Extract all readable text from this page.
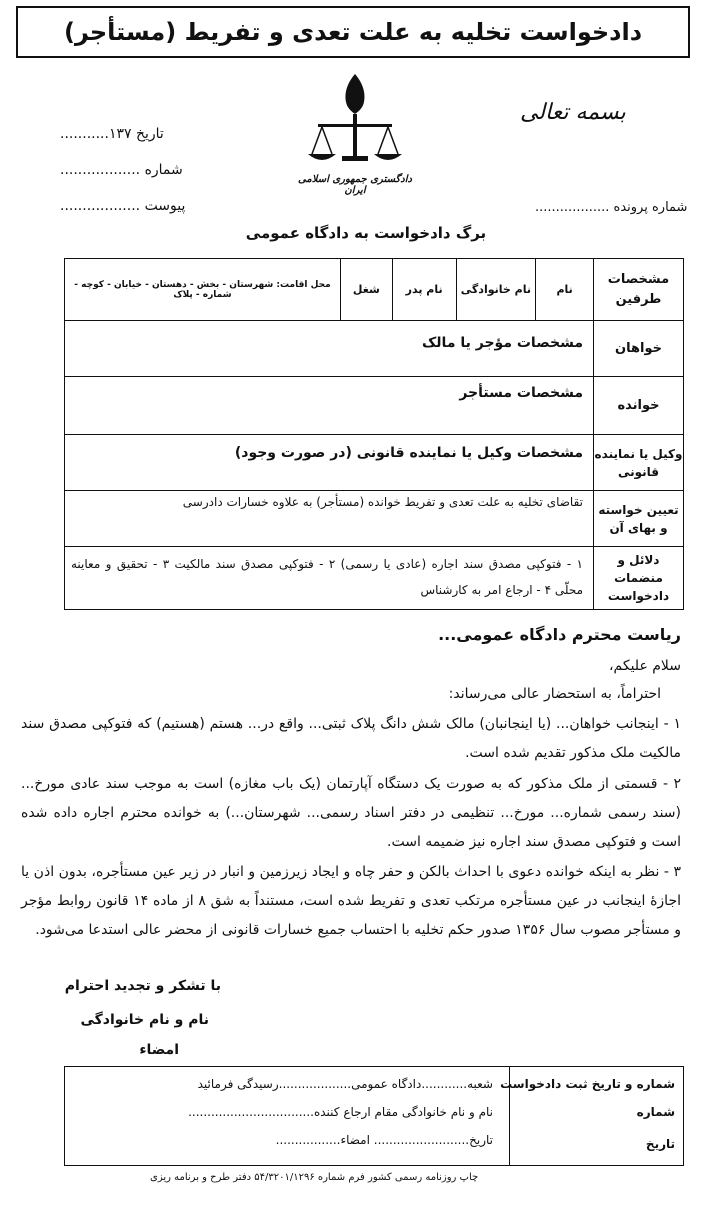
دادخواست تخلیه به علت تعدی و تفریط (مستأجر)
تاریخ ۱۳۷...........
شماره ..................
پیوست ..................
دادگستری جمهوری اسلامی ایران
بسمه تعالی
شماره پرونده ..................
برگ دادخواست به دادگاه عمومی
مشخصات طرفین
نام
نام خانوادگی
نام پدر
شغل
محل اقامت: شهرستان - بخش - دهستان - خیابان - کوچه - شماره - پلاک
خواهان
مشخصات مؤجر یا مالک
خوانده
مشخصات مستأجر
وکیل یا نماینده قانونی
مشخصات وکیل یا نماینده قانونی (در صورت وجود)
تعیین خواسته و بهای آن
تقاضای تخلیه به علت تعدی و تفریط خوانده (مستأجر) به علاوه خسارات دادرسی
دلائل و منضمات دادخواست
۱ - فتوکپی مصدق سند اجاره (عادی یا رسمی) ۲ - فتوکپی مصدق سند مالکیت ۳ - تحقیق و معاینه محلّی ۴ - ارجاع امر به کارشناس
ریاست محترم دادگاه عمومی...
سلام علیکم،
احتراماً، به استحضار عالی می‌رساند:
۱ - اینجانب خواهان... (یا اینجانبان) مالک شش دانگ پلاک ثبتی... واقع در... هستم (هستیم) که فتوکپی مصدق سند مالکیت ملک مذکور تقدیم شده است.
۲ - قسمتی از ملک مذکور که به صورت یک دستگاه آپارتمان (یک باب مغازه) است به موجب سند عادی مورخ... (سند رسمی شماره... مورخ... تنظیمی در دفتر اسناد رسمی... شهرستان...) به خوانده محترم اجاره داده شده است و فتوکپی مصدق سند اجاره نیز ضمیمه است.
۳ - نظر به اینکه خوانده دعوی با احداث بالکن و حفر چاه و ایجاد زیرزمین و انبار در زیر عین مستأجره، بدون اذن یا اجازهٔ اینجانب در عین مستأجره مرتکب تعدی و تفریط شده است، مستنداً به شق ۸ از ماده ۱۴ قانون روابط مؤجر و مستأجر مصوب سال ۱۳۵۶ صدور حکم تخلیه با احتساب جمیع خسارات قانونی از محضر عالی استدعا می‌شود.
با تشکر و تجدید احترام
نام و نام خانوادگی
امضاء
شماره و تاریخ ثبت دادخواست
شماره
تاریخ
شعبه............دادگاه عمومی...................رسیدگی فرمائید
نام و نام خانوادگی مقام ارجاع کننده.................................
تاریخ......................... امضاء.................
چاپ روزنامه رسمی کشور فرم شماره ۵۴/۳۲۰۱/۱۲۹۶ دفتر طرح و برنامه ریزی
